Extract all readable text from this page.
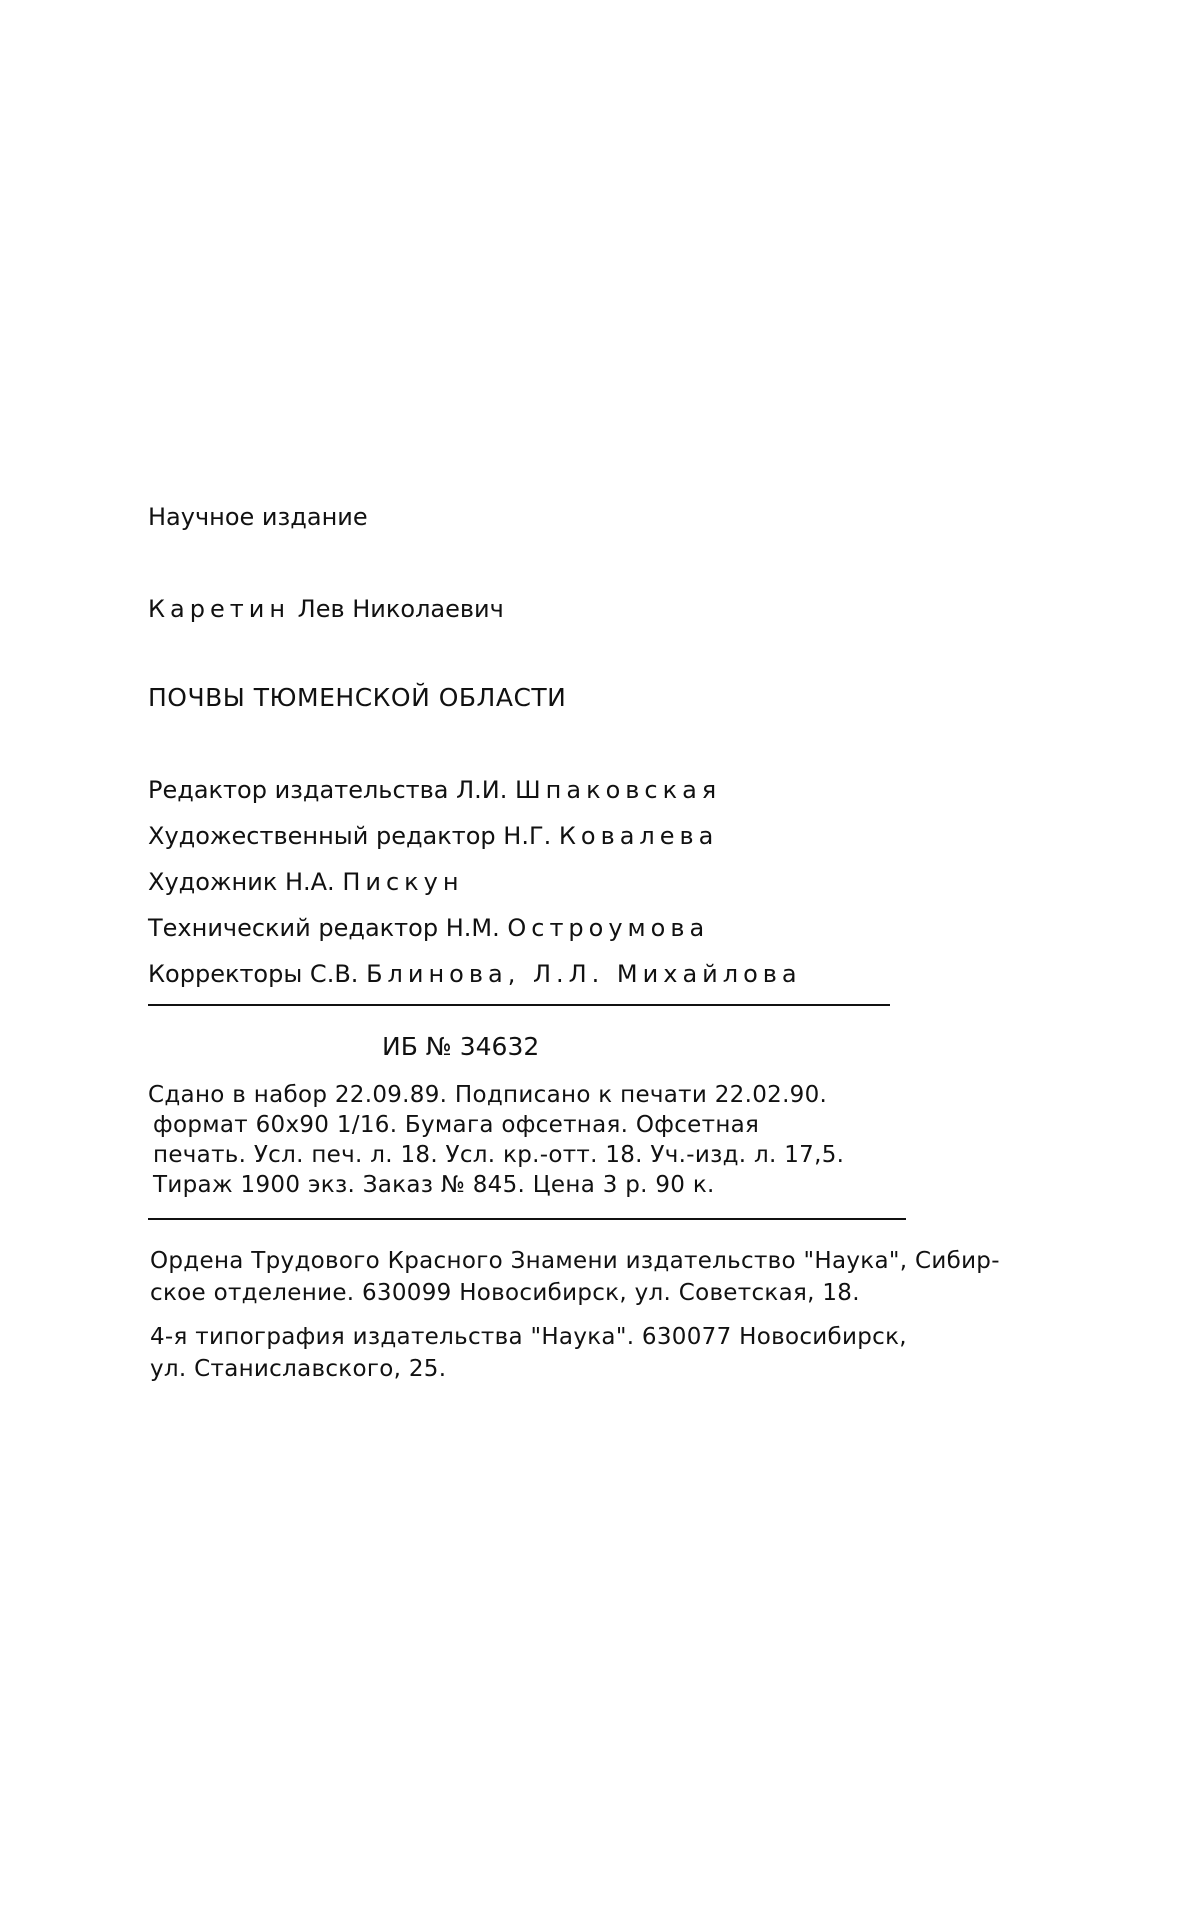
Научное издание
Каретин Лев Николаевич
ПОЧВЫ ТЮМЕНСКОЙ ОБЛАСТИ
Редактор издательства Л.И. Шпаковская
Художественный редактор Н.Г. Ковалева
Художник Н.А. Пискун
Технический редактор Н.М. Остроумова
Корректоры С.В. Блинова, Л.Л. Михайлова
ИБ № 34632
Сдано в набор 22.09.89. Подписано к печати 22.02.90.
формат 60х90 1/16. Бумага офсетная. Офсетная
печать. Усл. печ. л. 18. Усл. кр.-отт. 18. Уч.-изд. л. 17,5.
Тираж 1900 экз. Заказ № 845. Цена 3 р. 90 к.
Ордена Трудового Красного Знамени издательство "Наука", Сибир-
ское отделение. 630099 Новосибирск, ул. Советская, 18.
4-я типография издательства "Наука". 630077 Новосибирск,
ул. Станиславского, 25.
